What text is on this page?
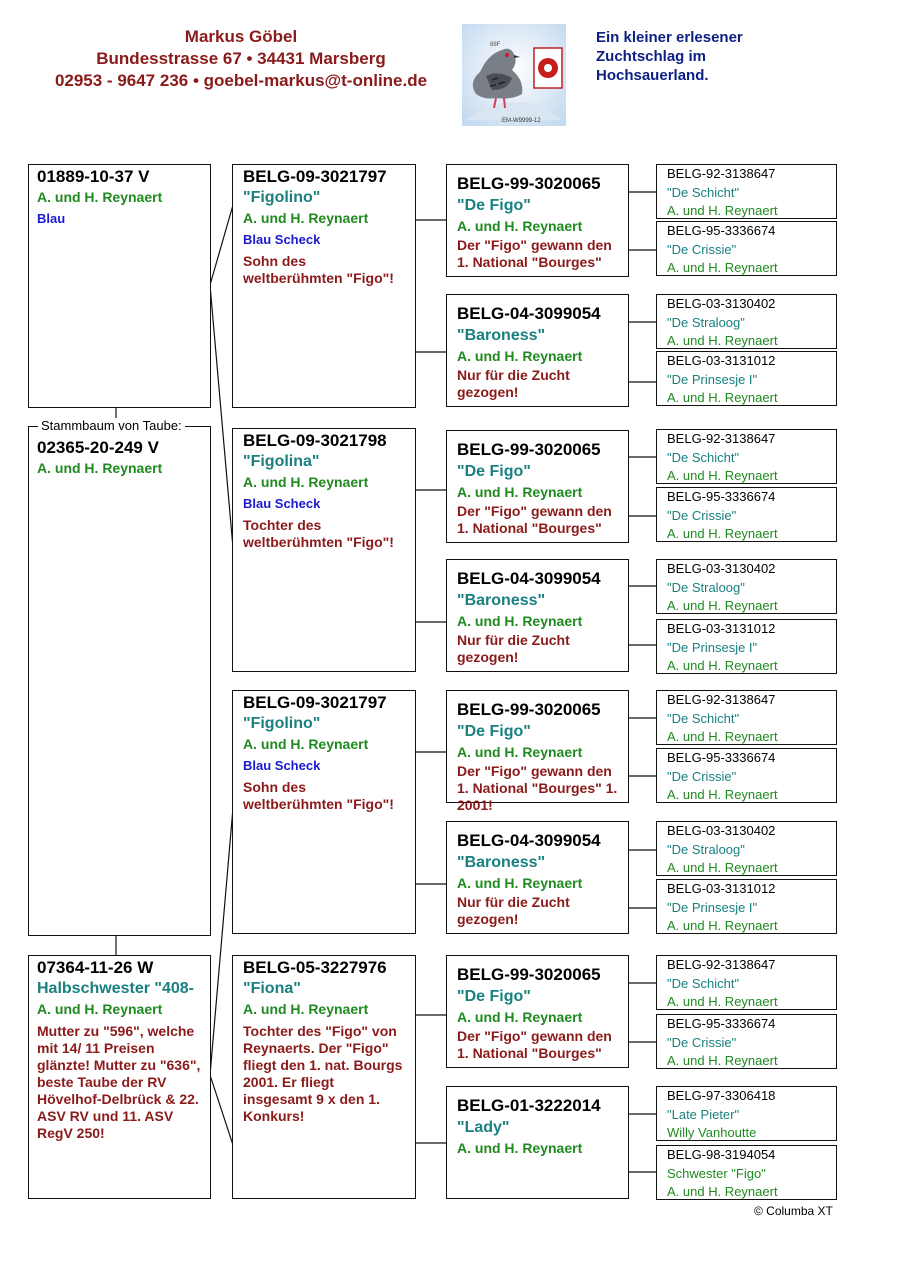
Markus Göbel
Bundesstrasse 67 • 34431 Marsberg
02953 - 9647 236 • goebel-markus@t-online.de
88F
EM-W9999-12
Ein kleiner erlesener
Zuchtschlag im
Hochsauerland.
01889-10-37 V
A. und H. Reynaert
Blau
02365-20-249 V
A. und H. Reynaert
Stammbaum von Taube:
07364-11-26 W
Halbschwester "408-
A. und H. Reynaert
Mutter zu "596", welche mit 14/ 11 Preisen glänzte! Mutter zu "636", beste Taube der RV Hövelhof-Delbrück & 22. ASV RV und 11. ASV RegV 250!
BELG-09-3021797
"Figolino"
A. und H. Reynaert
Blau Scheck
Sohn des weltberühmten "Figo"!
BELG-09-3021798
"Figolina"
A. und H. Reynaert
Blau Scheck
Tochter des weltberühmten "Figo"!
BELG-09-3021797
"Figolino"
A. und H. Reynaert
Blau Scheck
Sohn des weltberühmten "Figo"!
BELG-05-3227976
"Fiona"
A. und H. Reynaert
Tochter des "Figo" von Reynaerts. Der "Figo" fliegt den 1. nat. Bourgs 2001. Er fliegt insgesamt 9 x den 1. Konkurs!
BELG-99-3020065
"De Figo"
A. und H. Reynaert
Der "Figo" gewann den 1. National "Bourges"
BELG-04-3099054
"Baroness"
A. und H. Reynaert
Nur für die Zucht gezogen!
BELG-99-3020065
"De Figo"
A. und H. Reynaert
Der "Figo" gewann den 1. National "Bourges"
BELG-04-3099054
"Baroness"
A. und H. Reynaert
Nur für die Zucht gezogen!
BELG-99-3020065
"De Figo"
A. und H. Reynaert
Der "Figo" gewann den 1. National "Bourges" 1. 2001!
BELG-04-3099054
"Baroness"
A. und H. Reynaert
Nur für die Zucht gezogen!
BELG-99-3020065
"De Figo"
A. und H. Reynaert
Der "Figo" gewann den 1. National "Bourges"
BELG-01-3222014
"Lady"
A. und H. Reynaert
BELG-92-3138647
"De Schicht"
A. und H. Reynaert
BELG-95-3336674
"De Crissie"
A. und H. Reynaert
BELG-03-3130402
"De Straloog"
A. und H. Reynaert
BELG-03-3131012
"De Prinsesje I"
A. und H. Reynaert
BELG-92-3138647
"De Schicht"
A. und H. Reynaert
BELG-95-3336674
"De Crissie"
A. und H. Reynaert
BELG-03-3130402
"De Straloog"
A. und H. Reynaert
BELG-03-3131012
"De Prinsesje I"
A. und H. Reynaert
BELG-92-3138647
"De Schicht"
A. und H. Reynaert
BELG-95-3336674
"De Crissie"
A. und H. Reynaert
BELG-03-3130402
"De Straloog"
A. und H. Reynaert
BELG-03-3131012
"De Prinsesje I"
A. und H. Reynaert
BELG-92-3138647
"De Schicht"
A. und H. Reynaert
BELG-95-3336674
"De Crissie"
A. und H. Reynaert
BELG-97-3306418
"Late Pieter"
Willy Vanhoutte
BELG-98-3194054
Schwester "Figo"
A. und H. Reynaert
© Columba XT
